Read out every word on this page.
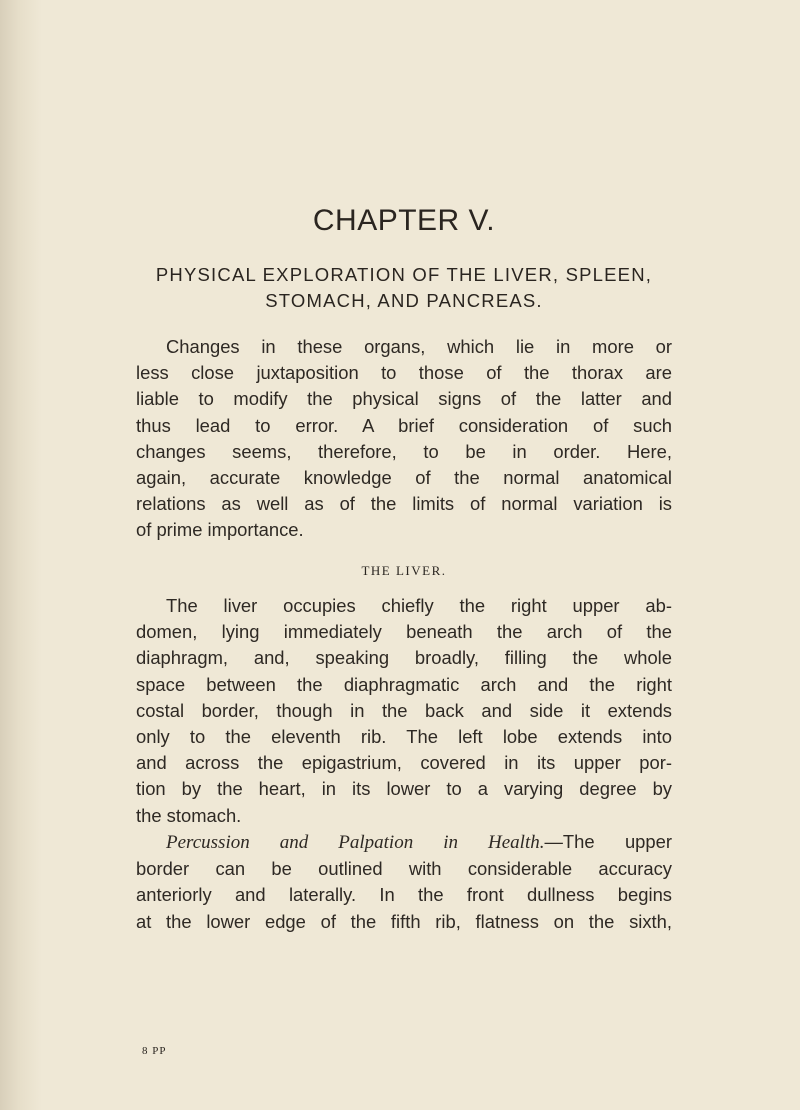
CHAPTER V.
PHYSICAL EXPLORATION OF THE LIVER, SPLEEN,
STOMACH, AND PANCREAS.
Changes in these organs, which lie in more or
less close juxtaposition to those of the thorax are
liable to modify the physical signs of the latter and
thus lead to error. A brief consideration of such
changes seems, therefore, to be in order. Here,
again, accurate knowledge of the normal anatomical
relations as well as of the limits of normal variation is
of prime importance.
THE LIVER.
The liver occupies chiefly the right upper ab-
domen, lying immediately beneath the arch of the
diaphragm, and, speaking broadly, filling the whole
space between the diaphragmatic arch and the right
costal border, though in the back and side it extends
only to the eleventh rib. The left lobe extends into
and across the epigastrium, covered in its upper por-
tion by the heart, in its lower to a varying degree by
the stomach.
Percussion and Palpation in Health.—The upper
border can be outlined with considerable accuracy
anteriorly and laterally. In the front dullness begins
at the lower edge of the fifth rib, flatness on the sixth,
8 PP
